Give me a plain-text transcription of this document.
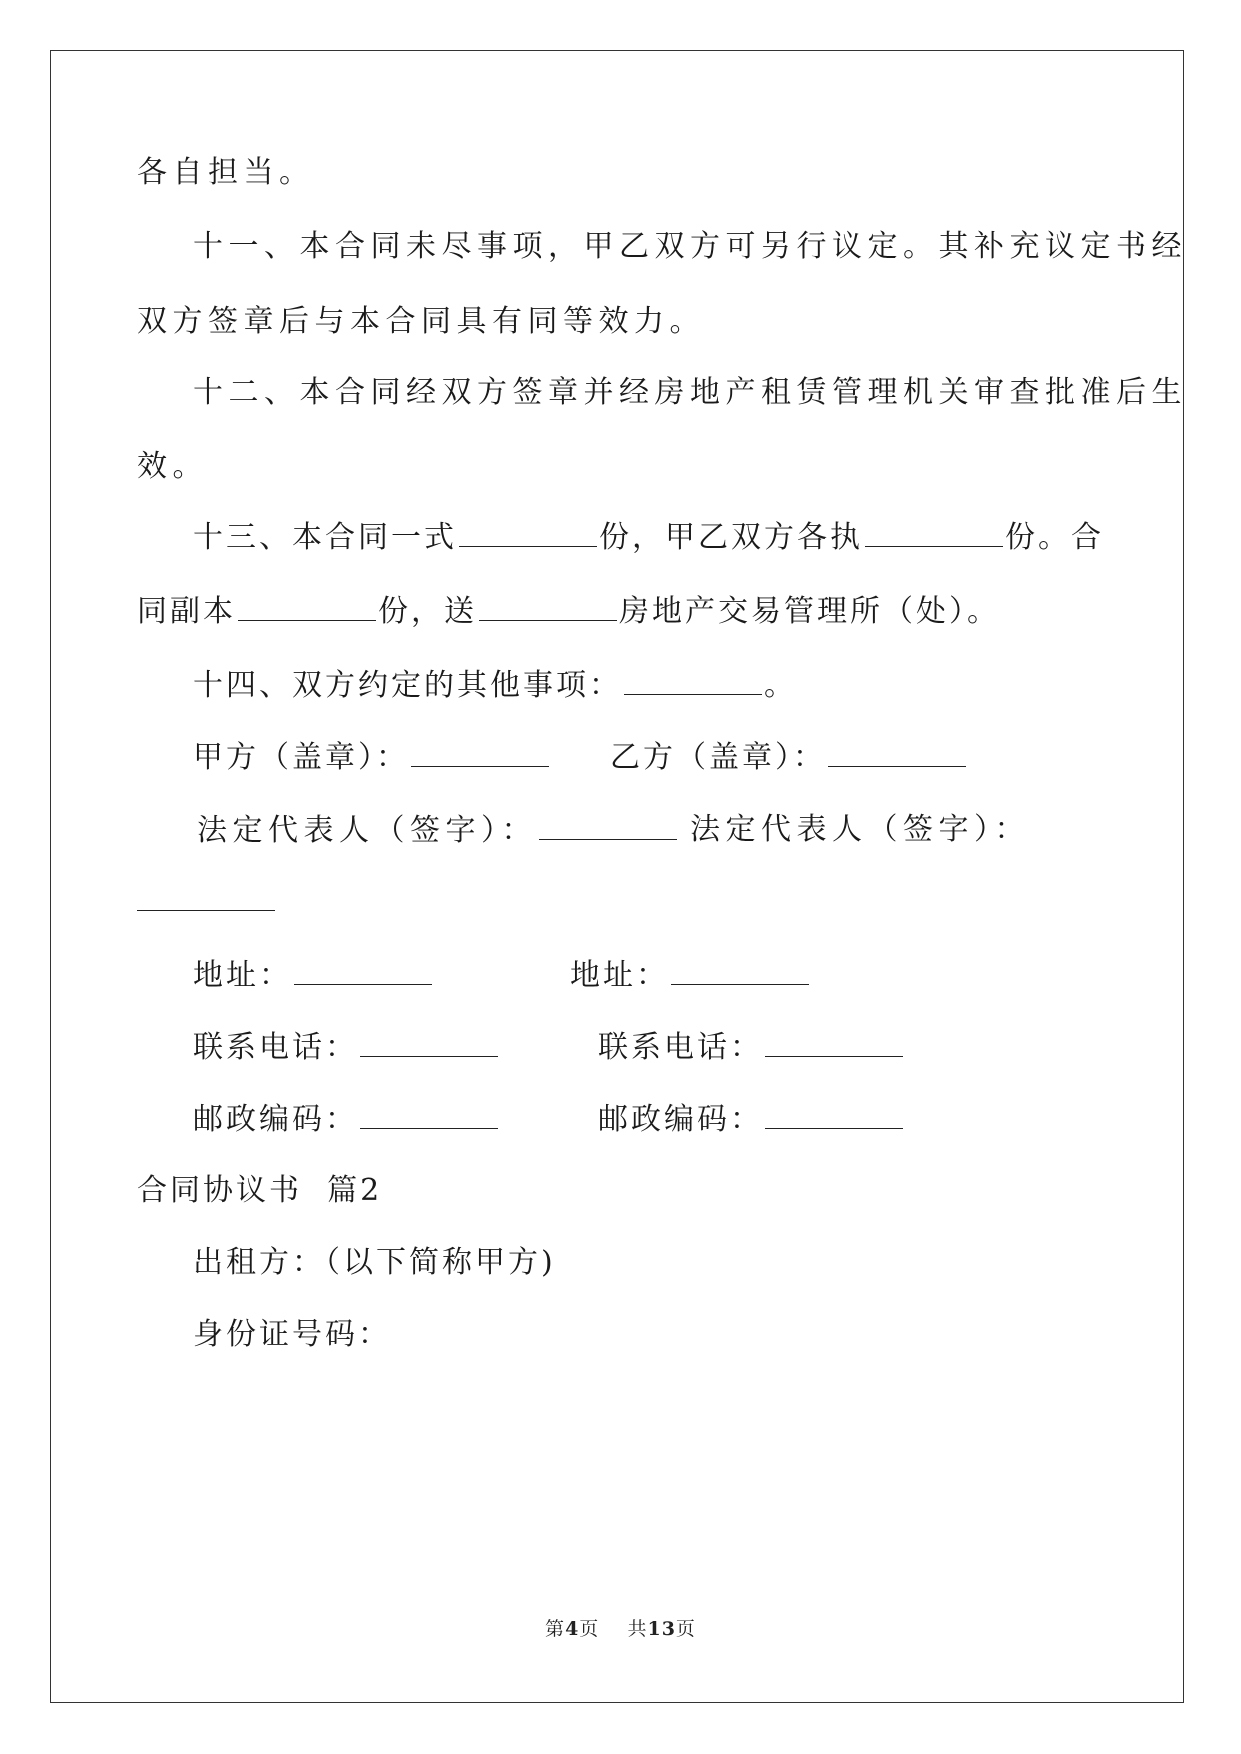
各自担当。
十一、本合同未尽事项，甲乙双方可另行议定。其补充议定书经
双方签章后与本合同具有同等效力。
十二、本合同经双方签章并经房地产租赁管理机关审查批准后生
效。
十三、本合同一式	份，甲乙双方各执	份。合
同副本	份，送	房地产交易管理所（处）。
十四、双方约定的其他事项：	。
甲方（盖章）：	乙方（盖章）：
法定代表人（签字）：	法定代表人（签字）：
地址：	地址：
联系电话：	联系电话：
邮政编码：	邮政编码：
合同协议书  篇2
出租方：（以下简称甲方)
身份证号码：
第4页    共13页
